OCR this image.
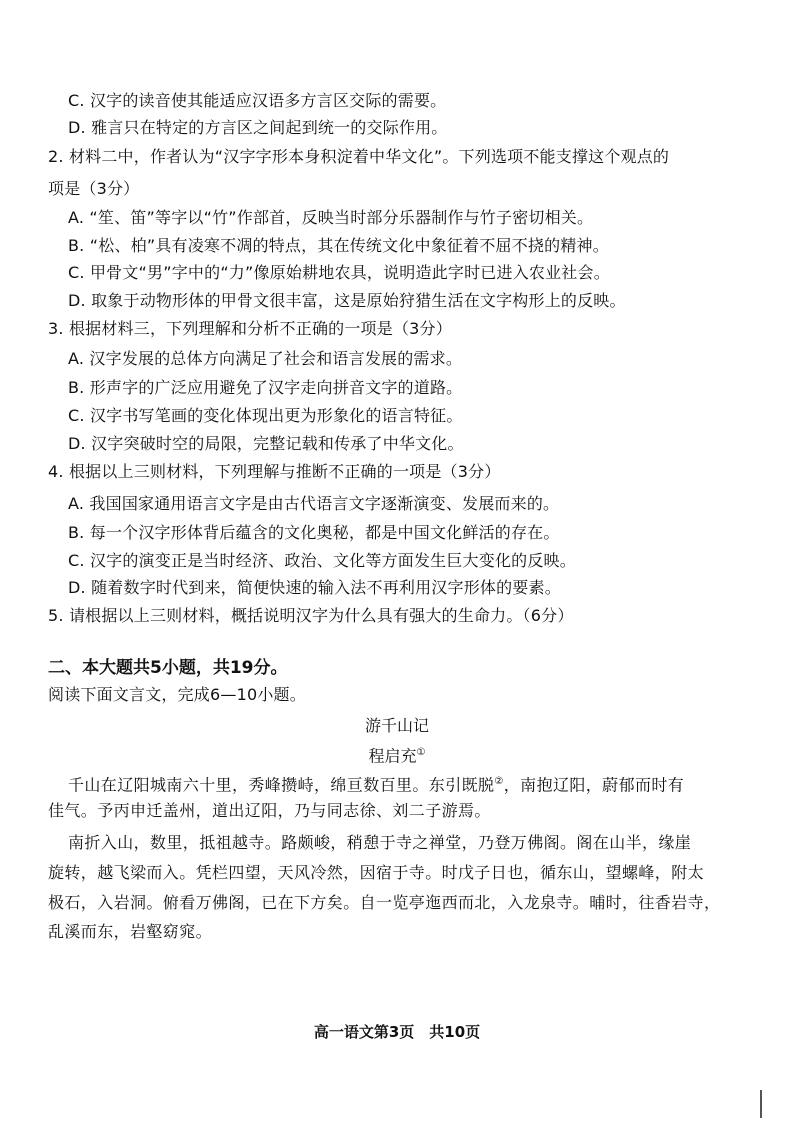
C. 汉字的读音使其能适应汉语多方言区交际的需要。
D. 雅言只在特定的方言区之间起到统一的交际作用。
2. 材料二中，作者认为“汉字字形本身积淀着中华文化”。下列选项不能支撑这个观点的
项是（3分）
A. “笙、笛”等字以“竹”作部首，反映当时部分乐器制作与竹子密切相关。
B. “松、柏”具有凌寒不凋的特点，其在传统文化中象征着不屈不挠的精神。
C. 甲骨文“男”字中的“力”像原始耕地农具，说明造此字时已进入农业社会。
D. 取象于动物形体的甲骨文很丰富，这是原始狩猎生活在文字构形上的反映。
3. 根据材料三，下列理解和分析不正确的一项是（3分）
A. 汉字发展的总体方向满足了社会和语言发展的需求。
B. 形声字的广泛应用避免了汉字走向拼音文字的道路。
C. 汉字书写笔画的变化体现出更为形象化的语言特征。
D. 汉字突破时空的局限，完整记载和传承了中华文化。
4. 根据以上三则材料，下列理解与推断不正确的一项是（3分）
A. 我国国家通用语言文字是由古代语言文字逐渐演变、发展而来的。
B. 每一个汉字形体背后蕴含的文化奥秘，都是中国文化鲜活的存在。
C. 汉字的演变正是当时经济、政治、文化等方面发生巨大变化的反映。
D. 随着数字时代到来，简便快速的输入法不再利用汉字形体的要素。
5. 请根据以上三则材料，概括说明汉字为什么具有强大的生命力。（6分）
二、本大题共5小题，共19分。
阅读下面文言文，完成6—10小题。
游千山记
程启充①
千山在辽阳城南六十里，秀峰攒峙，绵亘数百里。东引既脱②，南抱辽阳，蔚郁而时有
佳气。予丙申迁盖州，道出辽阳，乃与同志徐、刘二子游焉。
南折入山，数里，抵祖越寺。路颇峻，稍憩于寺之禅堂，乃登万佛阁。阁在山半，缘崖
旋转，越飞梁而入。凭栏四望，天风冷然，因宿于寺。时戊子日也，循东山，望螺峰，附太
极石，入岩洞。俯看万佛阁，已在下方矣。自一览亭迤西而北，入龙泉寺。晡时，往香岩寺，
乱溪而东，岩壑窈窕。
高一语文第3页　共10页
